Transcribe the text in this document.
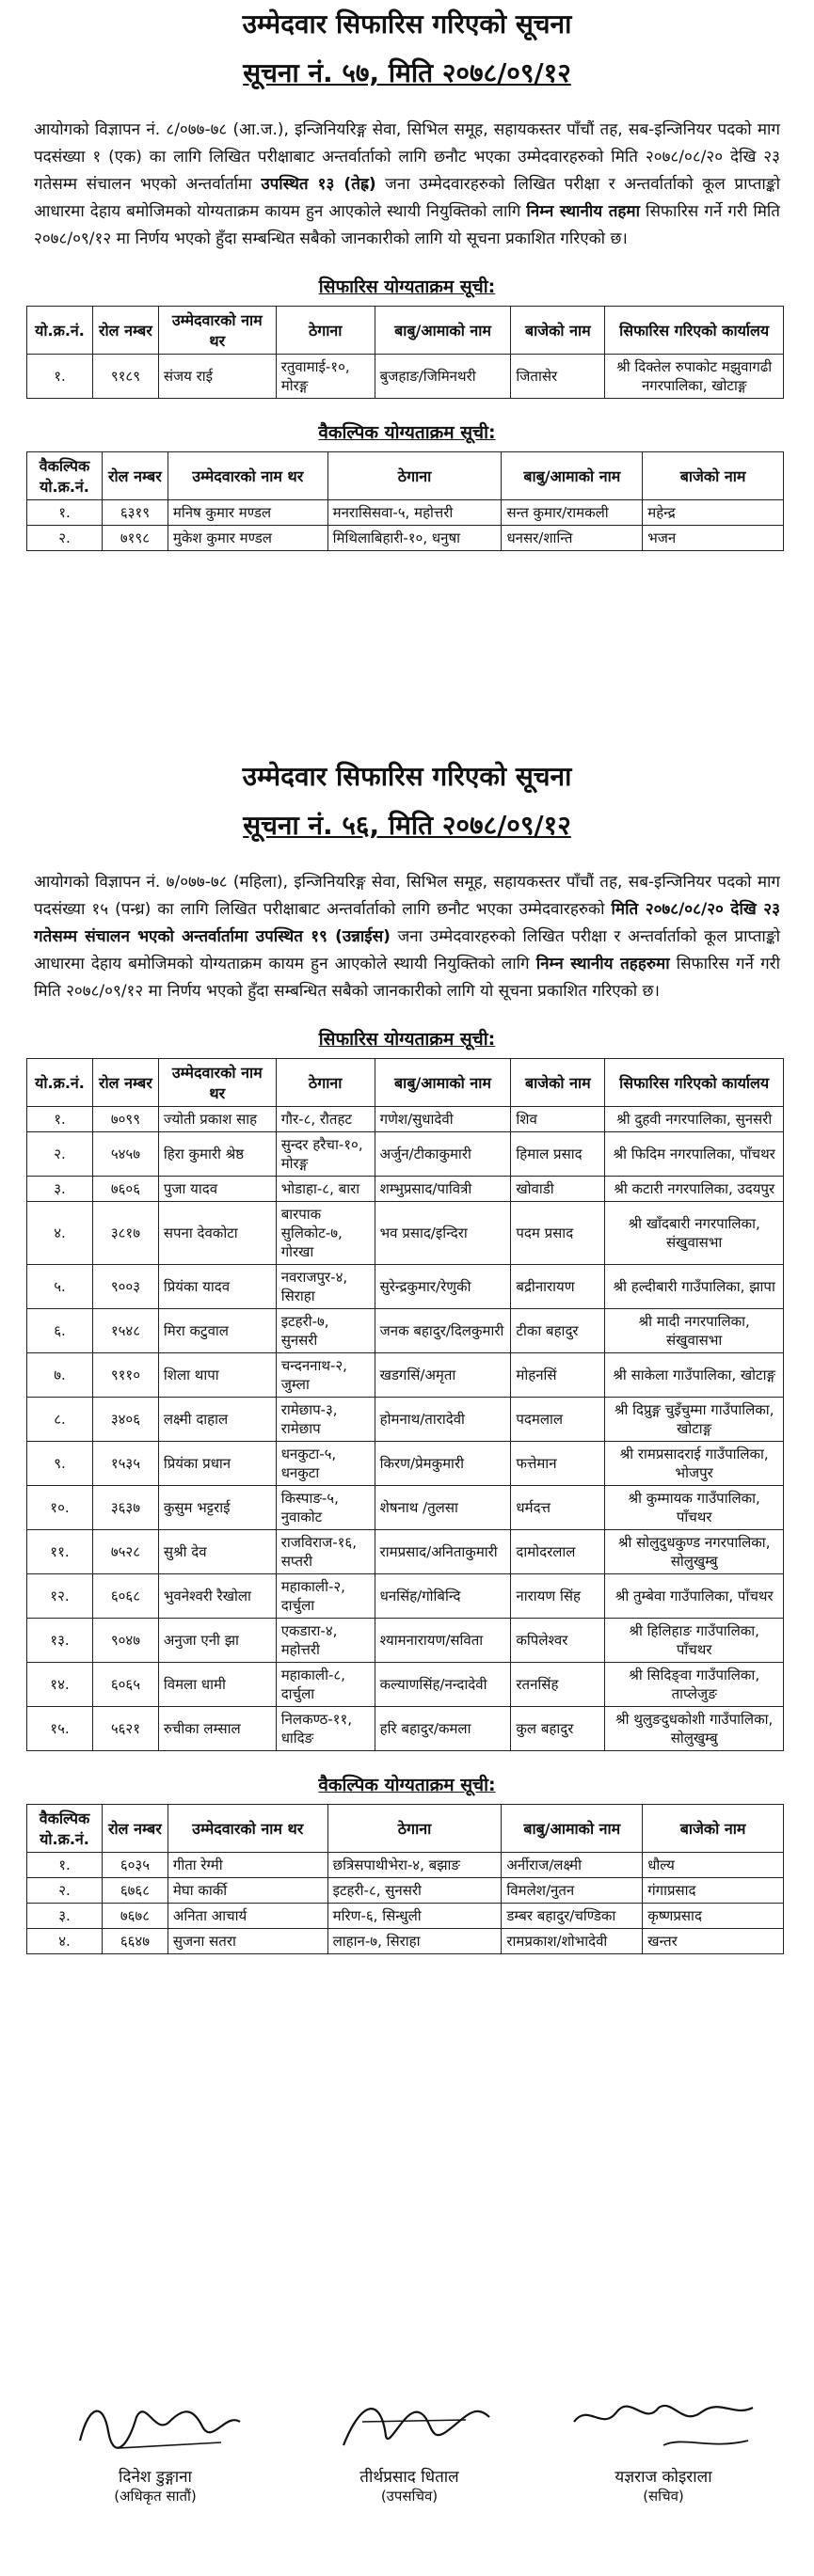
उम्मेदवार सिफारिस गरिएको सूचना
सूचना नं. ५७, मिति २०७८/०९/१२

आयोगको विज्ञापन नं. ८/०७७-७८ (आ.ज.), इन्जिनियरिङ्ग सेवा, सिभिल समूह, सहायकस्तर पाँचौं तह, सब-इन्जिनियर पदको माग पदसंख्या १ (एक) का लागि लिखित परीक्षाबाट अन्तर्वार्ताको लागि छनौट भएका उम्मेदवारहरुको मिति २०७८/०८/२० देखि २३ गतेसम्म संचालन भएको अन्तर्वार्तामा उपस्थित १३ (तेह्र) जना उम्मेदवारहरुको लिखित परीक्षा र अन्तर्वार्ताको कूल प्राप्ताङ्को आधारमा देहाय बमोजिमको योग्यताक्रम कायम हुन आएकोले स्थायी नियुक्तिको लागि निम्न स्थानीय तहमा सिफारिस गर्ने गरी मिति २०७८/०९/१२ मा निर्णय भएको हुँदा सम्बन्धित सबैको जानकारीको लागि यो सूचना प्रकाशित गरिएको छ।

सिफारिस योग्यताक्रम सूची:
यो.क्र.नं.	रोल नम्बर	उम्मेदवारको नाम थर	ठेगाना	बाबु/आमाको नाम	बाजेको नाम	सिफारिस गरिएको कार्यालय
१.	९१८९	संजय राई	रतुवामाई-१०, मोरङ्ग	बुजहाङ/जिमिनथरी	जितासेर	श्री दिक्तेल रुपाकोट मझुवागढी नगरपालिका, खोटाङ्ग
वैकल्पिक योग्यताक्रम सूची:
वैकल्पिक यो.क्र.नं.	रोल नम्बर	उम्मेदवारको नाम थर	ठेगाना	बाबु/आमाको नाम	बाजेको नाम
१.	६३१९	मनिष कुमार मण्डल	मनरासिसवा-५, महोत्तरी	सन्त कुमार/रामकली	महेन्द्र
२.	७१९८	मुकेश कुमार मण्डल	मिथिलाबिहारी-१०, धनुषा	धनसर/शान्ति	भजन
उम्मेदवार सिफारिस गरिएको सूचना
सूचना नं. ५६, मिति २०७८/०९/१२

आयोगको विज्ञापन नं. ७/०७७-७८ (महिला), इन्जिनियरिङ्ग सेवा, सिभिल समूह, सहायकस्तर पाँचौं तह, सब-इन्जिनियर पदको माग पदसंख्या १५ (पन्ध्र) का लागि लिखित परीक्षाबाट अन्तर्वार्ताको लागि छनौट भएका उम्मेदवारहरुको मिति २०७८/०८/२० देखि २३ गतेसम्म संचालन भएको अन्तर्वार्तामा उपस्थित १९ (उन्नाईस) जना उम्मेदवारहरुको लिखित परीक्षा र अन्तर्वार्ताको कूल प्राप्ताङ्को आधारमा देहाय बमोजिमको योग्यताक्रम कायम हुन आएकोले स्थायी नियुक्तिको लागि निम्न स्थानीय तहहरुमा सिफारिस गर्ने गरी मिति २०७८/०९/१२ मा निर्णय भएको हुँदा सम्बन्धित सबैको जानकारीको लागि यो सूचना प्रकाशित गरिएको छ।

सिफारिस योग्यताक्रम सूची:
यो.क्र.नं.	रोल नम्बर	उम्मेदवारको नाम थर	ठेगाना	बाबु/आमाको नाम	बाजेको नाम	सिफारिस गरिएको कार्यालय
१.	७०९९	ज्योती प्रकाश साह	गौर-८, रौतहट	गणेश/सुधादेवी	शिव	श्री दुहवी नगरपालिका, सुनसरी
२.	५४५७	हिरा कुमारी श्रेष्ठ	सुन्दर हरैचा-१०, मोरङ्ग	अर्जुन/टीकाकुमारी	हिमाल प्रसाद	श्री फिदिम नगरपालिका, पाँचथर
३.	७६०६	पुजा यादव	भोडाहा-८, बारा	शम्भुप्रसाद/पावित्री	खोवाडी	श्री कटारी नगरपालिका, उदयपुर
४.	३८१७	सपना देवकोटा	बारपाक सुलिकोट-७, गोरखा	भव प्रसाद/इन्दिरा	पदम प्रसाद	श्री खाँदबारी नगरपालिका, संखुवासभा
५.	९००३	प्रियंका यादव	नवराजपुर-४, सिराहा	सुरेन्द्रकुमार/रेणुकी	बद्रीनारायण	श्री हल्दीबारी गाउँपालिका, झापा
६.	१५४८	मिरा कटुवाल	इटहरी-७, सुनसरी	जनक बहादुर/दिलकुमारी	टीका बहादुर	श्री मादी नगरपालिका, संखुवासभा
७.	९११०	शिला थापा	चन्दननाथ-२, जुम्ला	खडगसिं/अमृता	मोहनसिं	श्री साकेला गाउँपालिका, खोटाङ्ग
८.	३४०६	लक्ष्मी दाहाल	रामेछाप-३, रामेछाप	होमनाथ/तारादेवी	पदमलाल	श्री दिप्रुङ्ग चुइँचुम्मा गाउँपालिका, खोटाङ्ग
९.	१५३५	प्रियंका प्रधान	धनकुटा-५, धनकुटा	किरण/प्रेमकुमारी	फत्तेमान	श्री रामप्रसादराई गाउँपालिका, भोजपुर
१०.	३६३७	कुसुम भट्टराई	किस्पाङ-५, नुवाकोट	शेषनाथ /तुलसा	धर्मदत्त	श्री कुम्मायक गाउँपालिका, पाँचथर
११.	७५२८	सुश्री देव	राजविराज-१६, सप्तरी	रामप्रसाद/अनिताकुमारी	दामोदरलाल	श्री सोलुदुधकुण्ड नगरपालिका, सोलुखुम्बु
१२.	६०६८	भुवनेश्वरी रैखोला	महाकाली-२, दार्चुला	धनसिंह/गोबिन्दि	नारायण सिंह	श्री तुम्बेवा गाउँपालिका, पाँचथर
१३.	९०४७	अनुजा एनी झा	एकडारा-४, महोत्तरी	श्यामनारायण/सविता	कपिलेश्वर	श्री हिलिहाङ गाउँपालिका, पाँचथर
१४.	६०६५	विमला धामी	महाकाली-८, दार्चुला	कल्याणसिंह/नन्दादेवी	रतनसिंह	श्री सिदिङ्वा गाउँपालिका, ताप्लेजुङ
१५.	५६२१	रुचीका लम्साल	निलकण्ठ-११, धादिङ	हरि बहादुर/कमला	कुल बहादुर	श्री थुलुङदुधकोशी गाउँपालिका, सोलुखुम्बु
वैकल्पिक योग्यताक्रम सूची:
वैकल्पिक यो.क्र.नं.	रोल नम्बर	उम्मेदवारको नाम थर	ठेगाना	बाबु/आमाको नाम	बाजेको नाम
१.	६०३५	गीता रेग्मी	छत्रिसपाथीभेरा-४, बझाङ	अर्नीराज/लक्ष्मी	धौल्य
२.	६७६८	मेघा कार्की	इटहरी-८, सुनसरी	विमलेश/नुतन	गंगाप्रसाद
३.	७६७८	अनिता आचार्य	मरिण-६, सिन्धुली	डम्बर बहादुर/चण्डिका	कृष्णप्रसाद
४.	६६४७	सुजना सतरा	लाहान-७, सिराहा	रामप्रकाश/शोभादेवी	खन्तर
दिनेश डुङ्गाना
(अधिकृत सातौं)
तीर्थप्रसाद धिताल
(उपसचिव)
यज्ञराज कोइराला
(सचिव)
